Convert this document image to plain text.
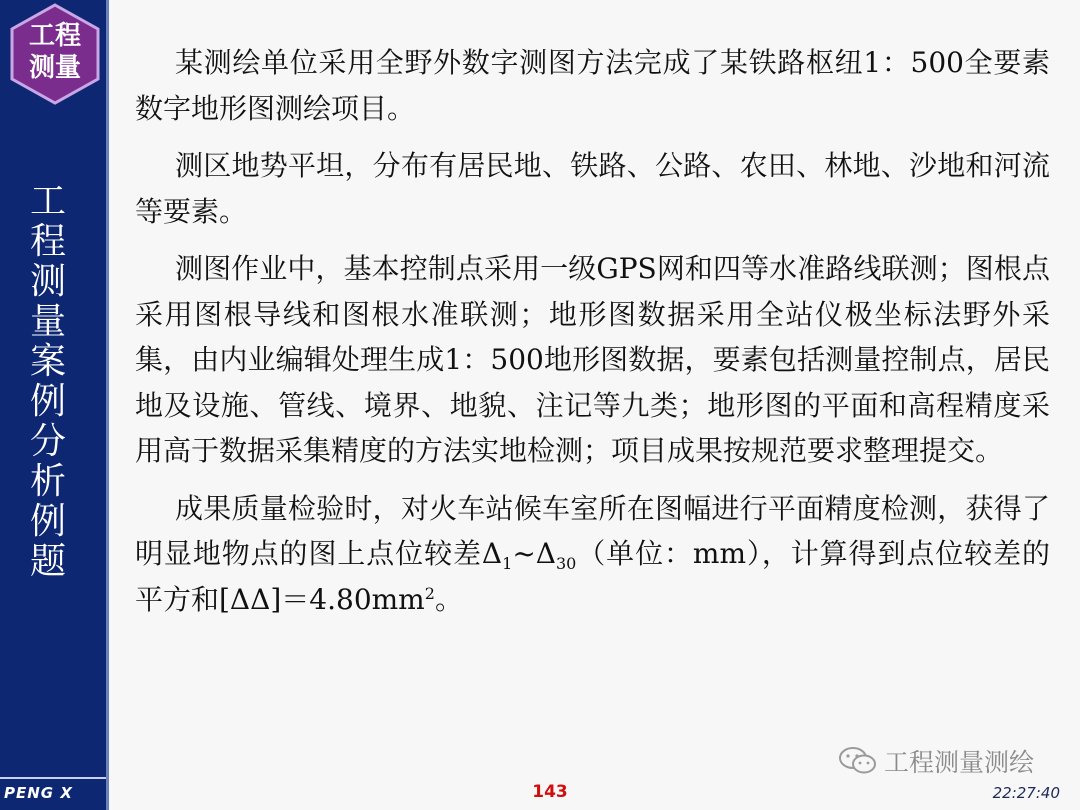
工程
测量
工
程
测
量
案
例
分
析
例
题
PENG X

某测绘单位采用全野外数字测图方法完成了某铁路枢纽1：500全要素数字地形图测绘项目。

测区地势平坦，分布有居民地、铁路、公路、农田、林地、沙地和河流等要素。

测图作业中，基本控制点采用一级GPS网和四等水准路线联测；图根点采用图根导线和图根水准联测；地形图数据采用全站仪极坐标法野外采集，由内业编辑处理生成1：500地形图数据，要素包括测量控制点，居民地及设施、管线、境界、地貌、注记等九类；地形图的平面和高程精度采用高于数据采集精度的方法实地检测；项目成果按规范要求整理提交。

成果质量检验时，对火车站候车室所在图幅进行平面精度检测，获得了明显地物点的图上点位较差$\Delta_1\sim\Delta_{30}$（单位：mm），计算得到点位较差的平方和$[\Delta\Delta]=4.80mm^2$。

工程测量测绘
143	22:27:40
